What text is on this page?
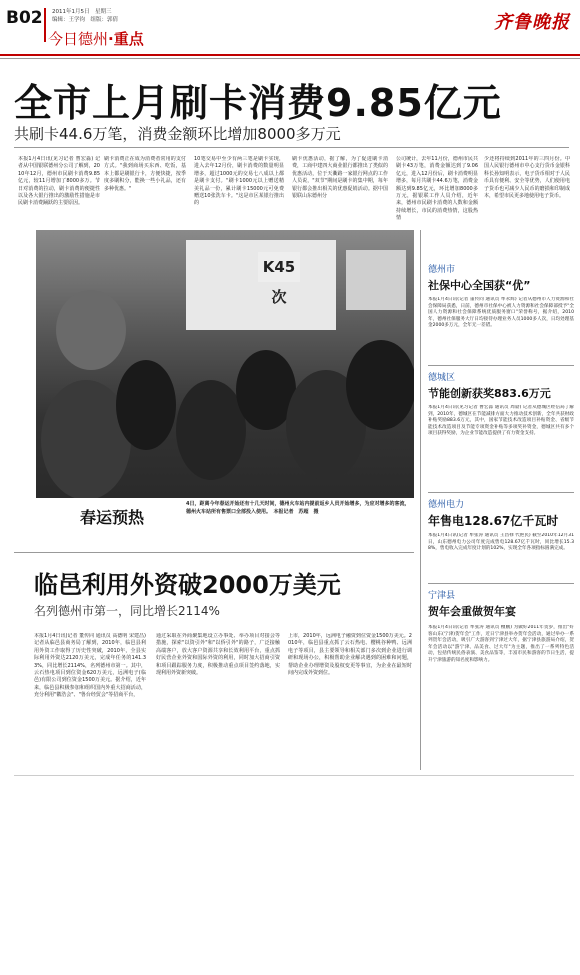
B02 2011年1月5日　星期三
编辑：王学钧　组版：郭倩
今日德州·重点
齐鲁晚报
全市上月刷卡消费9.85亿元
共刷卡44.6万笔，消费金额环比增加8000多万元
本报1月4日讯(见习记者 曹宏淼) 记者从中国银联德州分公司了解到，2010年12月，德州市民刷卡消费9.85亿元，较11月增加了8000多万。节日对消费的拉动，刷卡消费的便捷性以及各大银行推出的激励性措施是市民刷卡消费踊跃的主要原因。
刷卡消费正在成为消费者常用的支付方式。"我到商场买东西、吃饭，基本上都是刷银行卡，方便快捷，按季度多刷积分，能换一些小礼品，还有多种优惠。"
10笔交易中至少有两三笔是刷卡实现，进入去年12月份，刷卡消费的数量明显增多，超过1000元的交易七八成以上都是刷卡支付。"刷卡1000元以上赠送精美礼品一份，累计刷卡15000元可免费赠送10张洗车卡。"这是市区某银行推出的
刷卡优惠活动，据了解，为了促进刷卡消费，工商中建四大商业银行都推出了类似的优惠活动，位于天衢路一家银行网点的工作人员说，"双节"期间是刷卡的集中期，每年银行都会推出相关的优惠促销活动。据中国银联山东德州分
公司统计，去年11月份，德州市民共刷卡43万笔，消费金额达到了9.06亿元，进入12月份后，刷卡消费明显增多，每月共刷卡44.6万笔，消费金额达到9.85亿元，环比增加8000多万元，据银联工作人员介绍，近年来，德州市民刷卡消费的人数和金额持续增长，市民的消费热情，这股热情
少还将持续到2011年的三四月份。中国人民银行德州市中心支行货币金银科科长孙知明表示，电子货币相对于人民币具有便利、安全等优势，人们使用电子货币也可减少人民币的磨损和印制成本，希望市民更多地使用电子货币。
K45次
春运预热
4日，距离今年春运开始还有十几天时间，德州火车站内提前返乡人员开始增多，为应对增多的客流，德州火车站所有售票口全部投入使用。　本报记者　苏超　摄
临邑利用外资破2000万美元
名列德州市第一，同比增长2114%
本报1月4日讯(记者 董传同 通讯员 高德明 宋建昌) 记者从临邑县商务局了解到，2010年，临邑县利用外资工作取得了历史性突破，2010年，全县实际利用外资达2120万美元，完成年任务的141.33%，同比增长2114%，名列德州市第一。其中，云石热电项目到位资金620万美元，远洲电子(临邑)有限公司到位资金1500万美元。据介绍，近年来，临邑县积极参加和组织国内外重大招商活动，充分利用"徽浩会"、"鲁台经贸会"等招商平台，
通过采取在外商聚集地设立办事处、举办项目对接会等措施，探索"以资引外"和"以侨引外"的路子，广泛接触高端客户，放大客户资源共享和长效利用平台，重点抓好民营企业外资和国际外资的利用，同时加大招商引资和项目跟踪服务力度，积极推动重点项目签约落地，实现利用外资新突破。
上市，2010年，远洲电子融资到位资金1500万美元。2010年，临邑县重点抓了云石热电、樱桃谷种鸭、远洲电子等项目，县主要领导和相关部门多次到企业进行调研和现场办公，积极帮助企业解决遇到的困难和问题，帮助企业办理增资及股权变更等事宜，为企业在最短时间内完成外资到位。
德州市
社保中心全国获“优”
本报1月4日讯(记者 董传同 通讯员 牟永辉) 记者从德州市人力资源和社会保障局获悉，日前，德州市社保中心被人力资源和社会保障部授予"全国人力资源和社会保障系统优质服务窗口"荣誉称号，据介绍，2010年，德州社保服务大厅日均接待办理业务人员1000多人次，日均处理基金2000多万元，全年无一差错。
德城区
节能创新获奖883.6万元
本报1月4日讯(见习记者 曹宏淼 通讯员 周勍) 记者从德城区经信局了解到，2010年，德城区在节能减排方面大力推动技术创新，全年共获财政补贴奖励883.6万元，其中，国家节能技术改造项目补贴资金、省级节能技术改造项目及节能专项资金补贴等多项奖补资金，德城区共有多个项目获得奖励，为企业节能改造提供了有力资金支持。
德州电力
年售电128.67亿千瓦时
本报1月4日讯(记者 牟张涛 通讯员 王昌禄 代艳民) 截至2010年12月31日，山东德州电力公司年度完成售电128.67亿千瓦时，同比增长15.38%，售电收入完成年度计划的102%，实现全年各项指标圆满完成。
宁津县
贺年会重做贺年宴
本报1月4日讯(记者 牟张涛 通讯员 檀鹏) 为做好2011年贺岁，推出"好客山东(宁津)贺年会"工作，近日宁津县举办贺年会活动，通过举办一系列贺年会活动，吸引广大游客到宁津过大年，据宁津县旅游局介绍，贺年会活动以"游宁津、品美食、过大年"为主题，推出了一系列特色活动，包括传统民俗表演、美食品鉴等，丰富市民和游客的节日生活，提升宁津旅游的知名度和影响力。
